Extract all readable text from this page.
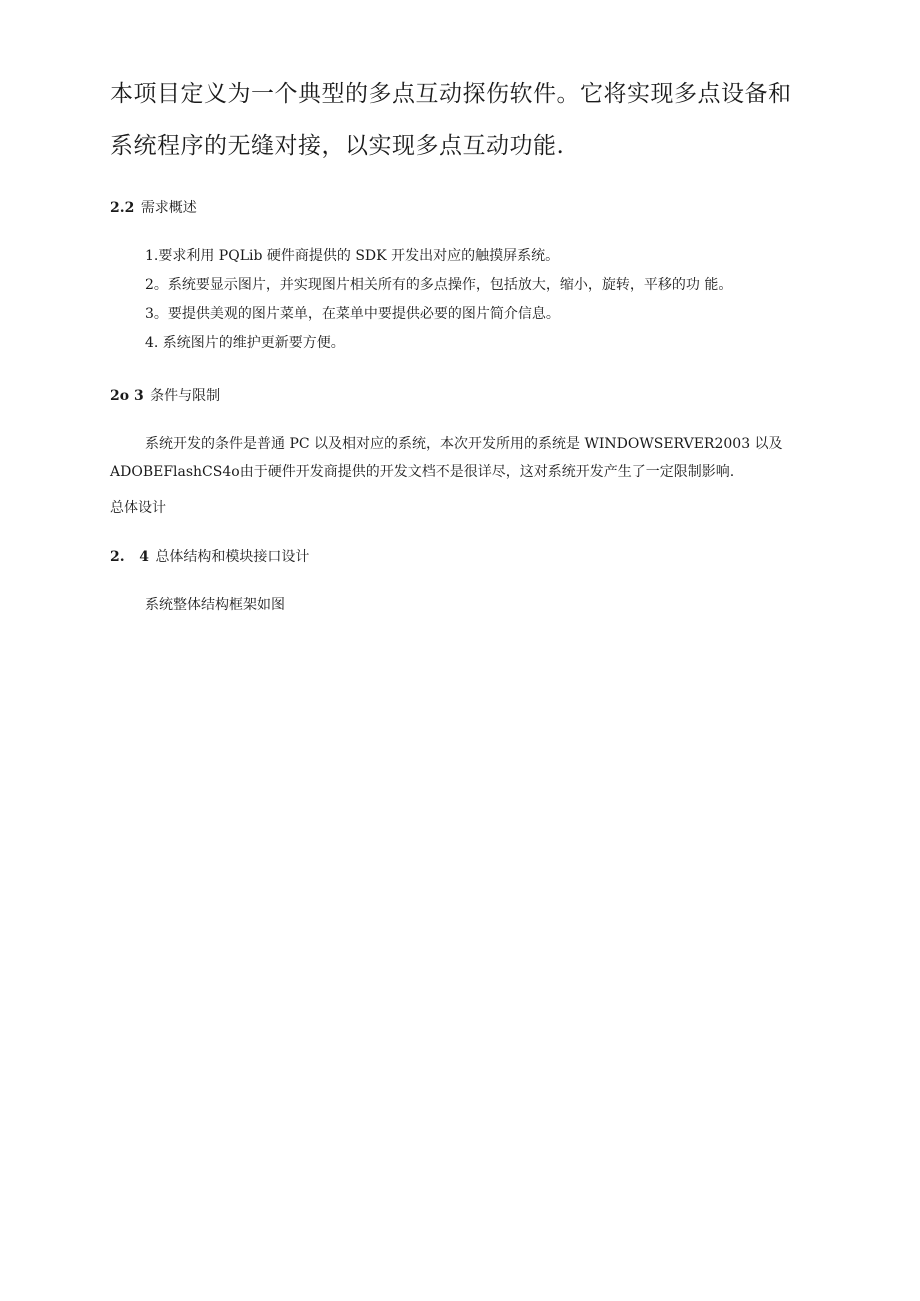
本项目定义为一个典型的多点互动探伤软件。它将实现多点设备和系统程序的无缝对接，以实现多点互动功能.

2.2 需求概述

1.要求利用 PQLib 硬件商提供的 SDK 开发出对应的触摸屏系统。
2。系统要显示图片，并实现图片相关所有的多点操作，包括放大，缩小，旋转，平移的功 能。
3。要提供美观的图片菜单，在菜单中要提供必要的图片简介信息。
4. 系统图片的维护更新要方便。

2o 3 条件与限制

系统开发的条件是普通 PC 以及相对应的系统，本次开发所用的系统是 WINDOWSERVER2003 以及 ADOBEFlashCS4o由于硬件开发商提供的开发文档不是很详尽，这对系统开发产生了一定限制影响.

总体设计

2.   4 总体结构和模块接口设计

系统整体结构框架如图
